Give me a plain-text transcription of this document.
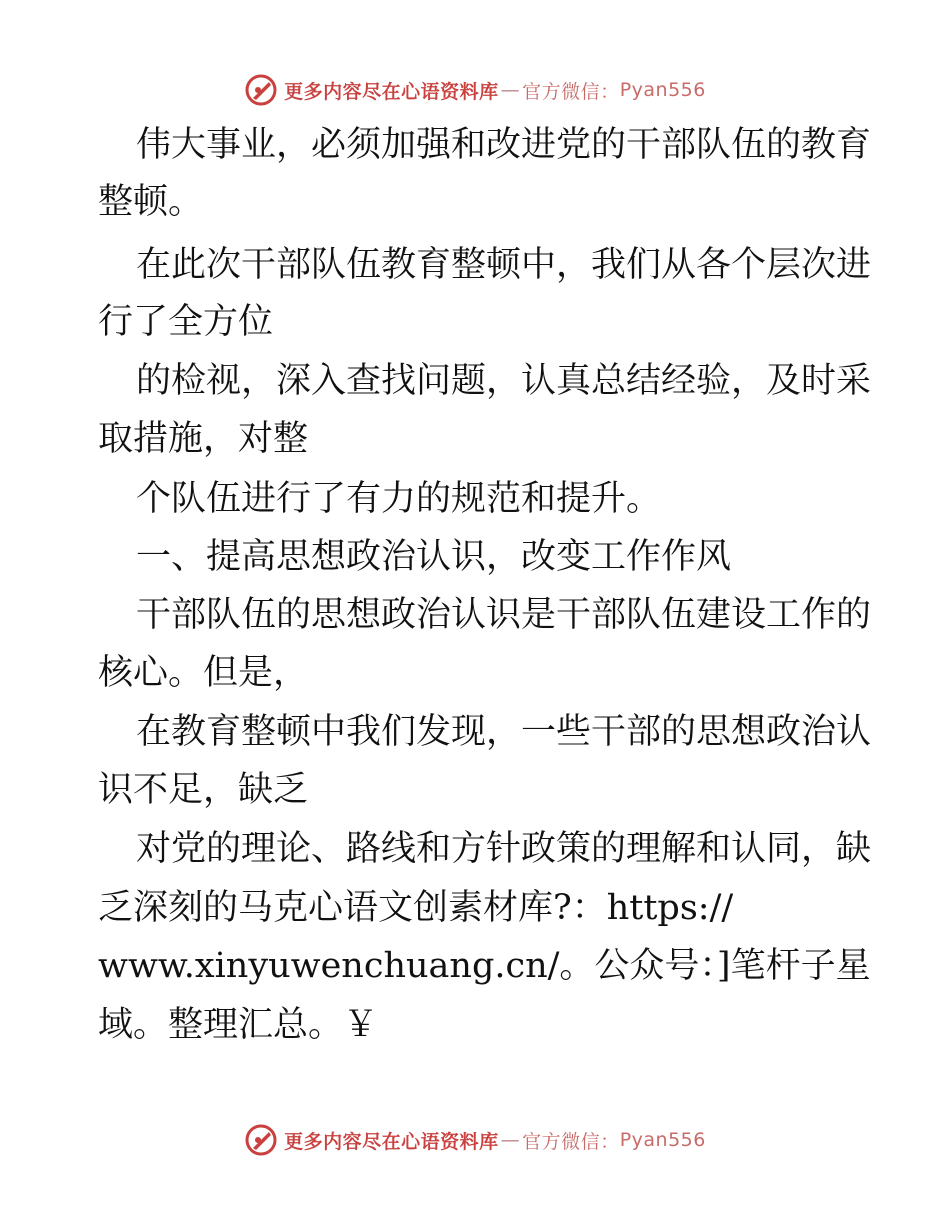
更多内容尽在心语资料库 — 官方微信： Pyan556
伟大事业，必须加强和改进党的干部队伍的教育
整顿。
在此次干部队伍教育整顿中，我们从各个层次进
行了全方位
的检视，深入查找问题，认真总结经验，及时采
取措施，对整
个队伍进行了有力的规范和提升。
一、提高思想政治认识，改变工作作风
干部队伍的思想政治认识是干部队伍建设工作的
核心。但是，
在教育整顿中我们发现，一些干部的思想政治认
识不足，缺乏
对党的理论、路线和方针政策的理解和认同，缺
乏深刻的马克心语文创素材库?：https://
www.xinyuwenchuang.cn/。公众号：]笔杆子星
域。整理汇总。￥
更多内容尽在心语资料库 — 官方微信： Pyan556
